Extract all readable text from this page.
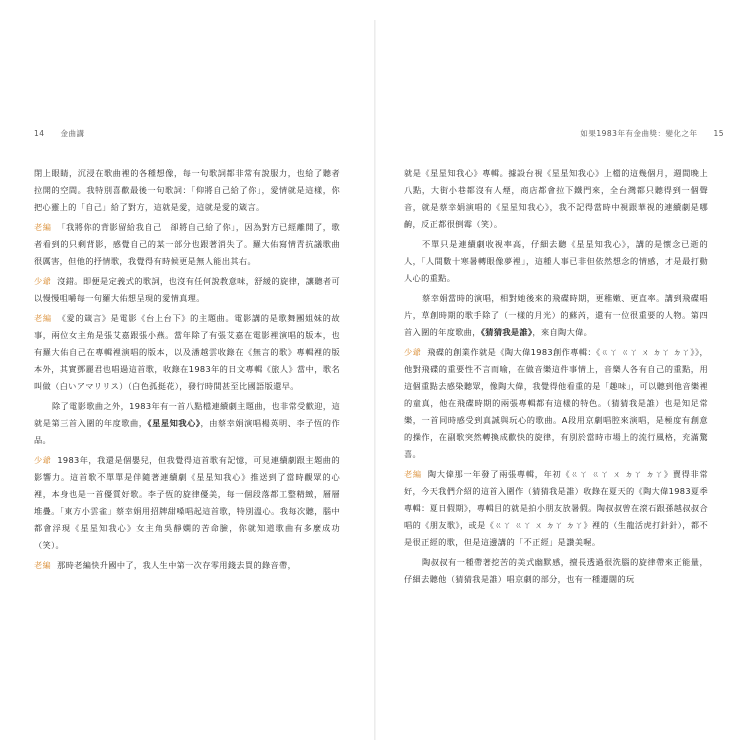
14 金曲講

閉上眼睛，沉浸在歌曲裡的各種想像，每一句歌詞都非常有說服力，也給了聽者拉開的空間。我特別喜歡最後一句歌詞：「仰將自己給了你」，愛情就是這樣，你把心靈上的「自己」給了對方，這就是愛，這就是愛的箴言。

老編 「我將你的背影留給我自己　卻將自己給了你」，因為對方已經離開了，歌者看到的只剩背影，感覺自己的某一部分也跟著消失了。羅大佑寫情青抗議歌曲很厲害，但他的抒情歌，我覺得有時候更是無人能出其右。

少爺 沒錯。即便是定義式的歌詞，也沒有任何說教意味，舒緩的旋律，讓聽者可以慢慢咀嚼每一句羅大佑想呈現的愛情真理。

老編 《愛的箴言》是電影《台上台下》的主題曲。電影講的是歌舞團姐妹的故事，兩位女主角是張艾嘉跟張小燕。當年除了有張艾嘉在電影裡演唱的版本，也有羅大佑自己在專輯裡演唱的版本，以及潘越雲收錄在《無言的歌》專輯裡的版本外，其實鄧麗君也唱過這首歌，收錄在1983年的日文專輯《旅人》當中，歌名叫做（白いアマリリス）（白色孤挺花），發行時間甚至比國語版還早。

除了電影歌曲之外，1983年有一首八點檔連續劇主題曲，也非常受歡迎，這就是第三首入圍的年度歌曲，《星星知我心》，由蔡幸娟演唱楊英明、李子恆的作品。

少爺 1983年，我還是個嬰兒，但我覺得這首歌有記憶，可見連續劇跟主題曲的影響力。這首歌不單單是伴隨著連續劇《星星知我心》推送到了當時觀眾的心裡，本身也是一首優質好歌。李子恆的旋律優美，每一個段落都工整精緻，層層堆疊。「東方小雲雀」蔡幸娟用招牌甜嗓唱起這首歌，特別溫心。我每次聽，腦中都會浮現《星星知我心》女主角吳靜嫻的苦命臉，你就知道歌曲有多麼成功（笑）。

老編 那時老編快升國中了，我人生中第一次存零用錢去買的錄音帶，

如果1983年有金曲獎：變化之年 15

就是《星星知我心》專輯。據設台視《星星知我心》上檔的這幾個月，週間晚上八點，大街小巷都沒有人煙，商店都會拉下鐵門來，全台灣都只聽得到一個聲音，就是蔡幸娟演唱的《星星知我心》，我不記得當時中視跟華視的連續劇是哪齣，反正都很倒霉（笑）。

不單只是連續劇收視率高，仔細去聽《星星知我心》，講的是懷念已逝的人，「人間數十寒暑轉眼像夢裡」，這種人事已非但依然想念的情感，才是最打動人心的重點。

蔡幸娟當時的演唱，相對她後來的飛碟時期，更稚嫩、更直率。講到飛碟唱片，草創時期的歌手除了（一樣的月光）的蘇芮，還有一位很重要的人物。第四首入圍的年度歌曲，《猜猜我是誰》，來自陶大偉。

少爺 飛碟的創業作就是《陶大偉1983創作專輯：《ㄍㄚ ㄍㄚ ㄨ ㄉㄚ ㄉㄚ》》，他對飛碟的重要性不言而喻，在做音樂這件事情上，音樂人各有自己的重點，用這個重點去感染聽眾，像陶大偉，我覺得他看重的是「趣味」，可以聽到他音樂裡的童真，他在飛碟時期的兩張專輯都有這樣的特色。（猜猜我是誰）也是知足常樂，一首同時感受到真誠與玩心的歌曲。A段用京劇唱腔來演唱，是極度有創意的操作，在副歌突然轉換成歡快的旋律，有別於當時市場上的流行風格，充滿驚喜。

老編 陶大偉那一年發了兩張專輯，年初《ㄍㄚ ㄍㄚ ㄨ ㄉㄚ ㄉㄚ》賣得非常好，今天我們介紹的這首入圍作（猜猜我是誰）收錄在夏天的《陶大偉1983夏季專輯：夏日假期》，專輯目的就是拍小朋友放暑假。陶叔叔曾在滾石跟孫越叔叔合唱的《朋友歌》，或是《ㄍㄚ ㄍㄚ ㄨ ㄉㄚ ㄉㄚ》裡的（生龍活虎打針針），都不是很正經的歌，但是這邊講的「不正經」是讚美喔。

陶叔叔有一種帶著挖苦的美式幽默感，擅長透過很洗腦的旋律帶來正能量，仔細去聽他（猜猜我是誰）唱京劇的部分，也有一種遷闊的玩
